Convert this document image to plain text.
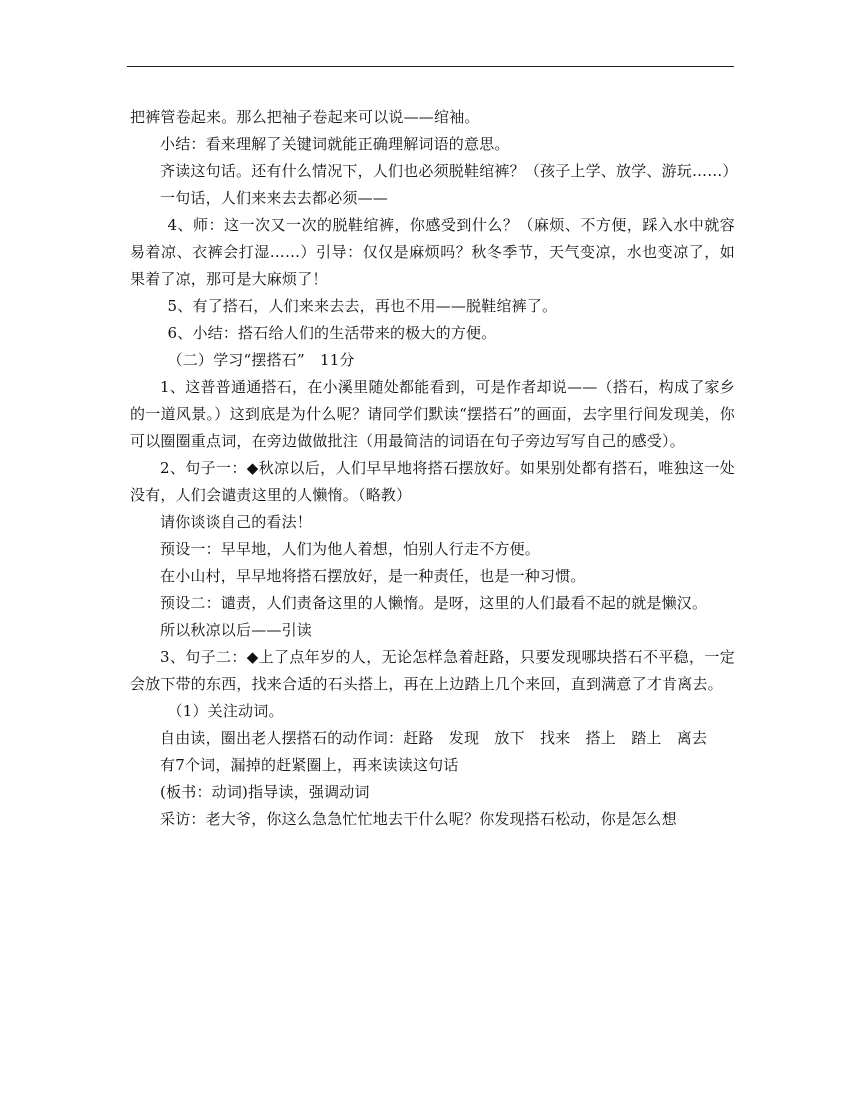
把裤管卷起来。那么把袖子卷起来可以说——绾袖。

小结：看来理解了关键词就能正确理解词语的意思。

齐读这句话。还有什么情况下，人们也必须脱鞋绾裤？（孩子上学、放学、游玩……）

一句话，人们来来去去都必须——

4、师：这一次又一次的脱鞋绾裤，你感受到什么？（麻烦、不方便，踩入水中就容易着凉、衣裤会打湿……）引导：仅仅是麻烦吗？秋冬季节，天气变凉，水也变凉了，如果着了凉，那可是大麻烦了！

5、有了搭石，人们来来去去，再也不用——脱鞋绾裤了。

6、小结：搭石给人们的生活带来的极大的方便。

（二）学习“摆搭石”　11分

1、这普普通通搭石，在小溪里随处都能看到，可是作者却说——（搭石，构成了家乡的一道风景。）这到底是为什么呢？请同学们默读“摆搭石”的画面，去字里行间发现美，你可以圈圈重点词，在旁边做做批注（用最简洁的词语在句子旁边写写自己的感受）。

2、句子一：◆秋凉以后，人们早早地将搭石摆放好。如果别处都有搭石，唯独这一处没有，人们会谴责这里的人懒惰。（略教）

请你谈谈自己的看法！

预设一：早早地，人们为他人着想，怕别人行走不方便。

在小山村，早早地将搭石摆放好，是一种责任，也是一种习惯。

预设二：谴责，人们责备这里的人懒惰。是呀，这里的人们最看不起的就是懒汉。

所以秋凉以后——引读

3、句子二：◆上了点年岁的人，无论怎样急着赶路，只要发现哪块搭石不平稳，一定会放下带的东西，找来合适的石头搭上，再在上边踏上几个来回，直到满意了才肯离去。

（1）关注动词。

自由读，圈出老人摆搭石的动作词：赶路　发现　放下　找来　搭上　踏上　离去

有7个词，漏掉的赶紧圈上，再来读读这句话

(板书：动词)指导读，强调动词

采访：老大爷，你这么急急忙忙地去干什么呢？你发现搭石松动，你是怎么想
